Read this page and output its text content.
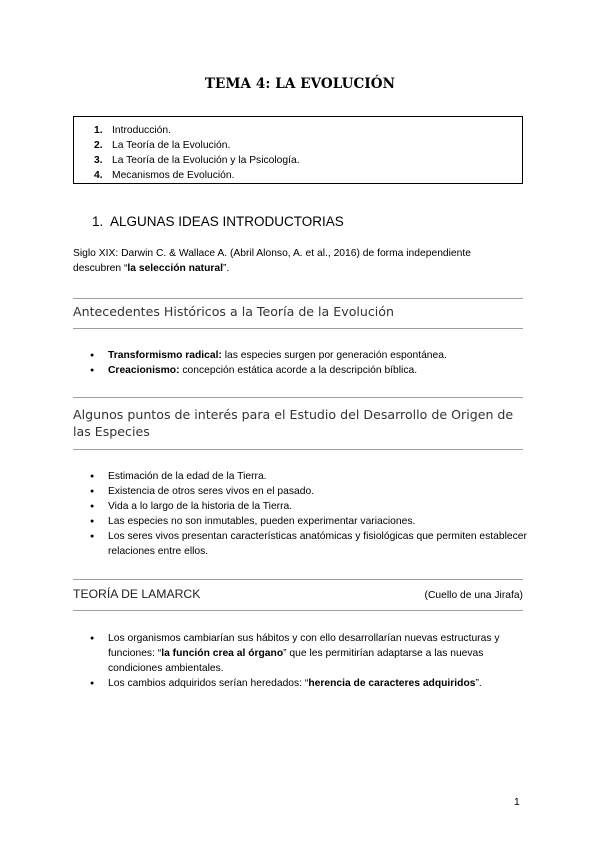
TEMA 4: LA EVOLUCIÓN
1. Introducción.
2. La Teoría de la Evolución.
3. La Teoría de la Evolución y la Psicología.
4. Mecanismos de Evolución.
1. ALGUNAS IDEAS INTRODUCTORIAS
Siglo XIX: Darwin C. & Wallace A. (Abril Alonso, A. et al., 2016) de forma independiente
descubren “la selección natural”.
Antecedentes Históricos a la Teoría de la Evolución
● Transformismo radical: las especies surgen por generación espontánea.
● Creacionismo: concepción estática acorde a la descripción bíblica.
Algunos puntos de interés para el Estudio del Desarrollo de Origen de las Especies
● Estimación de la edad de la Tierra.
● Existencia de otros seres vivos en el pasado.
● Vida a lo largo de la historia de la Tierra.
● Las especies no son inmutables, pueden experimentar variaciones.
● Los seres vivos presentan características anatómicas y fisiológicas que permiten establecer relaciones entre ellos.
TEORÍA DE LAMARCK	(Cuello de una Jirafa)
● Los organismos cambiarían sus hábitos y con ello desarrollarían nuevas estructuras y funciones: “la función crea al órgano” que les permitirían adaptarse a las nuevas condiciones ambientales.
● Los cambios adquiridos serían heredados: “herencia de caracteres adquiridos”.
1
